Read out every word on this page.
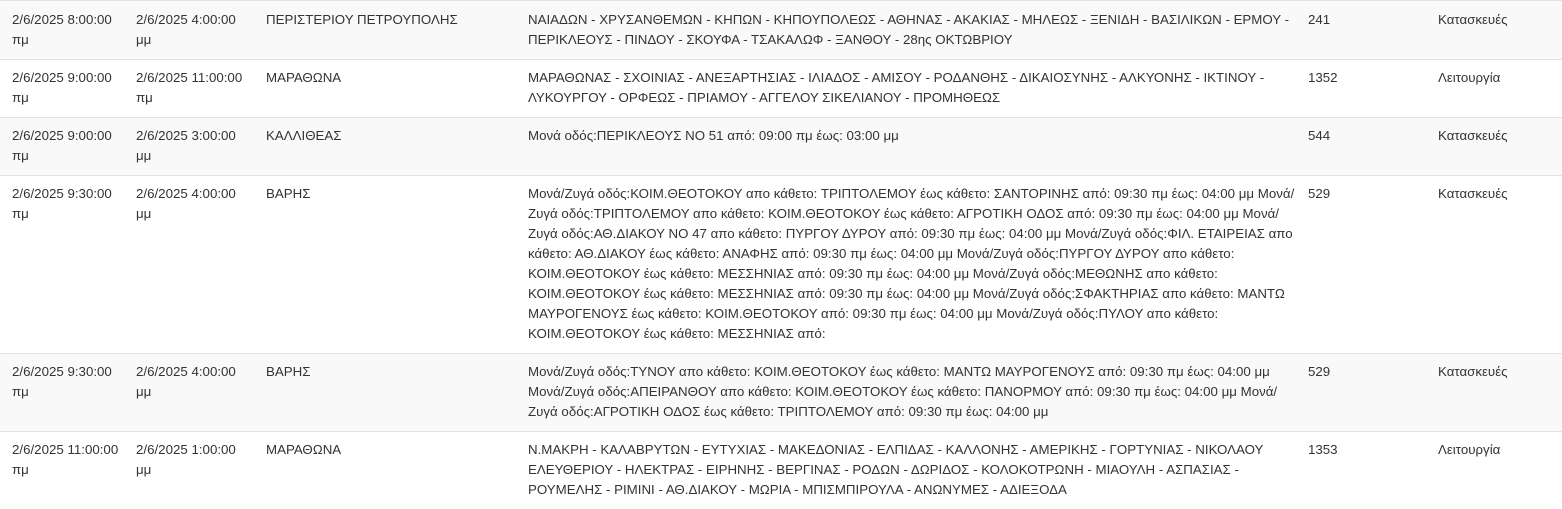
2/6/2025 8:00:00 πμ	2/6/2025 4:00:00 μμ	ΠΕΡΙΣΤΕΡΙΟΥ ΠΕΤΡΟΥΠΟΛΗΣ	ΝΑΙΑΔΩΝ - ΧΡΥΣΑΝΘΕΜΩΝ - ΚΗΠΩΝ - ΚΗΠΟΥΠΟΛΕΩΣ - ΑΘΗΝΑΣ - ΑΚΑΚΙΑΣ - ΜΗΛΕΩΣ - ΞΕΝΙΔΗ - ΒΑΣΙΛΙΚΩΝ - ΕΡΜΟΥ - ΠΕΡΙΚΛΕΟΥΣ - ΠΙΝΔΟΥ - ΣΚΟΥΦΑ - ΤΣΑΚΑΛΩΦ - ΞΑΝΘΟΥ - 28ης ΟΚΤΩΒΡΙΟΥ	241	Κατασκευές
2/6/2025 9:00:00 πμ	2/6/2025 11:00:00 πμ	ΜΑΡΑΘΩΝΑ	ΜΑΡΑΘΩΝΑΣ - ΣΧΟΙΝΙΑΣ - ΑΝΕΞΑΡΤΗΣΙΑΣ - ΙΛΙΑΔΟΣ - ΑΜΙΣΟΥ - ΡΟΔΑΝΘΗΣ - ΔΙΚΑΙΟΣΥΝΗΣ - ΑΛΚΥΟΝΗΣ - ΙΚΤΙΝΟΥ - ΛΥΚΟΥΡΓΟΥ - ΟΡΦΕΩΣ - ΠΡΙΑΜΟΥ - ΑΓΓΕΛΟΥ ΣΙΚΕΛΙΑΝΟΥ - ΠΡΟΜΗΘΕΩΣ	1352	Λειτουργία
2/6/2025 9:00:00 πμ	2/6/2025 3:00:00 μμ	ΚΑΛΛΙΘΕΑΣ	Μονά οδός:ΠΕΡΙΚΛΕΟΥΣ ΝΟ 51 από: 09:00 πμ έως: 03:00 μμ	544	Κατασκευές
2/6/2025 9:30:00 πμ	2/6/2025 4:00:00 μμ	ΒΑΡΗΣ	Μονά/Ζυγά οδός:ΚΟΙΜ.ΘΕΟΤΟΚΟΥ απο κάθετο: ΤΡΙΠΤΟΛΕΜΟΥ έως κάθετο: ΣΑΝΤΟΡΙΝΗΣ από: 09:30 πμ έως: 04:00 μμ Μονά/Ζυγά οδός:ΤΡΙΠΤΟΛΕΜΟΥ απο κάθετο: ΚΟΙΜ.ΘΕΟΤΟΚΟΥ έως κάθετο: ΑΓΡΟΤΙΚΗ ΟΔΟΣ από: 09:30 πμ έως: 04:00 μμ Μονά/Ζυγά οδός:ΑΘ.ΔΙΑΚΟΥ ΝΟ 47 απο κάθετο: ΠΥΡΓΟΥ ΔΥΡΟΥ από: 09:30 πμ έως: 04:00 μμ Μονά/Ζυγά οδός:ΦΙΛ. ΕΤΑΙΡΕΙΑΣ απο κάθετο: ΑΘ.ΔΙΑΚΟΥ έως κάθετο: ΑΝΑΦΗΣ από: 09:30 πμ έως: 04:00 μμ Μονά/Ζυγά οδός:ΠΥΡΓΟΥ ΔΥΡΟΥ απο κάθετο: ΚΟΙΜ.ΘΕΟΤΟΚΟΥ έως κάθετο: ΜΕΣΣΗΝΙΑΣ από: 09:30 πμ έως: 04:00 μμ Μονά/Ζυγά οδός:ΜΕΘΩΝΗΣ απο κάθετο: ΚΟΙΜ.ΘΕΟΤΟΚΟΥ έως κάθετο: ΜΕΣΣΗΝΙΑΣ από: 09:30 πμ έως: 04:00 μμ Μονά/Ζυγά οδός:ΣΦΑΚΤΗΡΙΑΣ απο κάθετο: ΜΑΝΤΩ ΜΑΥΡΟΓΕΝΟΥΣ έως κάθετο: ΚΟΙΜ.ΘΕΟΤΟΚΟΥ από: 09:30 πμ έως: 04:00 μμ Μονά/Ζυγά οδός:ΠΥΛΟΥ απο κάθετο: ΚΟΙΜ.ΘΕΟΤΟΚΟΥ έως κάθετο: ΜΕΣΣΗΝΙΑΣ από:	529	Κατασκευές
2/6/2025 9:30:00 πμ	2/6/2025 4:00:00 μμ	ΒΑΡΗΣ	Μονά/Ζυγά οδός:ΤΥΝΟΥ απο κάθετο: ΚΟΙΜ.ΘΕΟΤΟΚΟΥ έως κάθετο: ΜΑΝΤΩ ΜΑΥΡΟΓΕΝΟΥΣ από: 09:30 πμ έως: 04:00 μμ Μονά/Ζυγά οδός:ΑΠΕΙΡΑΝΘΟΥ απο κάθετο: ΚΟΙΜ.ΘΕΟΤΟΚΟΥ έως κάθετο: ΠΑΝΟΡΜΟΥ από: 09:30 πμ έως: 04:00 μμ Μονά/Ζυγά οδός:ΑΓΡΟΤΙΚΗ ΟΔΟΣ έως κάθετο: ΤΡΙΠΤΟΛΕΜΟΥ από: 09:30 πμ έως: 04:00 μμ	529	Κατασκευές
2/6/2025 11:00:00 πμ	2/6/2025 1:00:00 μμ	ΜΑΡΑΘΩΝΑ	Ν.ΜΑΚΡΗ - ΚΑΛΑΒΡΥΤΩΝ - ΕΥΤΥΧΙΑΣ - ΜΑΚΕΔΟΝΙΑΣ - ΕΛΠΙΔΑΣ - ΚΑΛΛΟΝΗΣ - ΑΜΕΡΙΚΗΣ - ΓΟΡΤΥΝΙΑΣ - ΝΙΚΟΛΑΟΥ ΕΛΕΥΘΕΡΙΟΥ - ΗΛΕΚΤΡΑΣ - ΕΙΡΗΝΗΣ - ΒΕΡΓΙΝΑΣ - ΡΟΔΩΝ - ΔΩΡΙΔΟΣ - ΚΟΛΟΚΟΤΡΩΝΗ - ΜΙΑΟΥΛΗ - ΑΣΠΑΣΙΑΣ - ΡΟΥΜΕΛΗΣ - ΡΙΜΙΝΙ - ΑΘ.ΔΙΑΚΟΥ - ΜΩΡΙΑ - ΜΠΙΣΜΠΙΡΟΥΛΑ - ΑΝΩΝΥΜΕΣ - ΑΔΙΕΞΟΔΑ	1353	Λειτουργία
